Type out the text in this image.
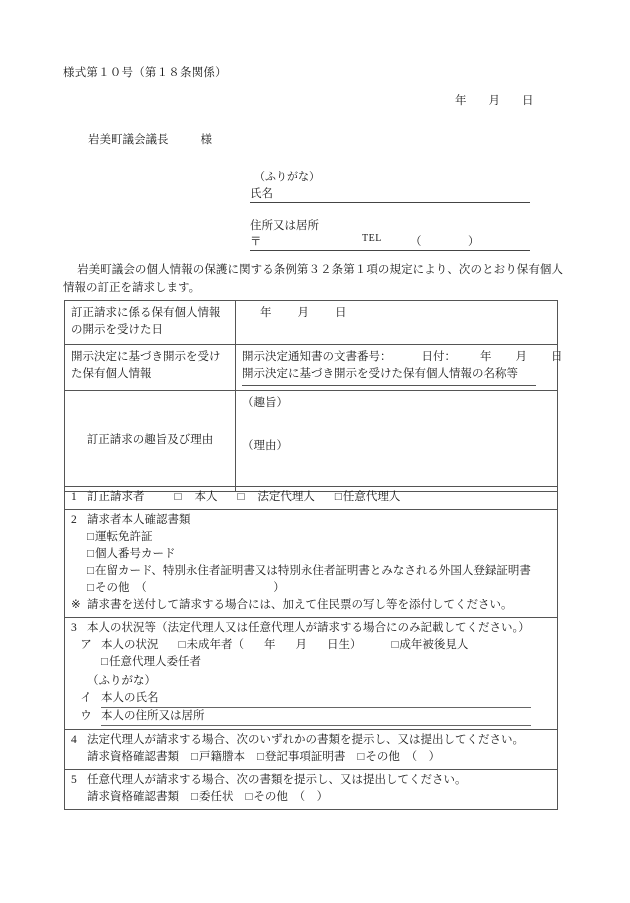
様式第１０号（第１８条関係）
年 月 日
岩美町議会議長	様
（ふりがな）
氏名
住所又は居所
〒	TEL （	）
岩美町議会の個人情報の保護に関する条例第３２条第１項の規定により、次のとおり保有個人情報の訂正を請求します。
訂正請求に係る保有個人情報の開示を受けた日	年 月 日
開示決定に基づき開示を受けた保有個人情報	開示決定通知書の文書番号： 日付： 年 月 日
開示決定に基づき開示を受けた保有個人情報の名称等

訂正請求の趣旨及び理由	（趣旨）
（理由）
1 訂正請求者	□ 本人 □ 法定代理人 □任意代理人

2 請求者本人確認書類
□運転免許証
□個人番号カード
□在留カード、特別永住者証明書又は特別永住者証明書とみなされる外国人登録証明書
□その他　（　　　　　　　　　　　）
※ 請求書を送付して請求する場合には、加えて住民票の写し等を添付してください。

3 本人の状況等（法定代理人又は任意代理人が請求する場合にのみ記載してください。）
ア 本人の状況 □未成年者（ 年 月 日生）	□成年被後見人
□任意代理人委任者
（ふりがな）
イ 本人の氏名
ウ 本人の住所又は居所

4 法定代理人が請求する場合、次のいずれかの書類を提示し、又は提出してください。
請求資格確認書類 □戸籍謄本 □登記事項証明書 □その他　（　）

5 任意代理人が請求する場合、次の書類を提示し、又は提出してください。
請求資格確認書類 □委任状 □その他　（　）
